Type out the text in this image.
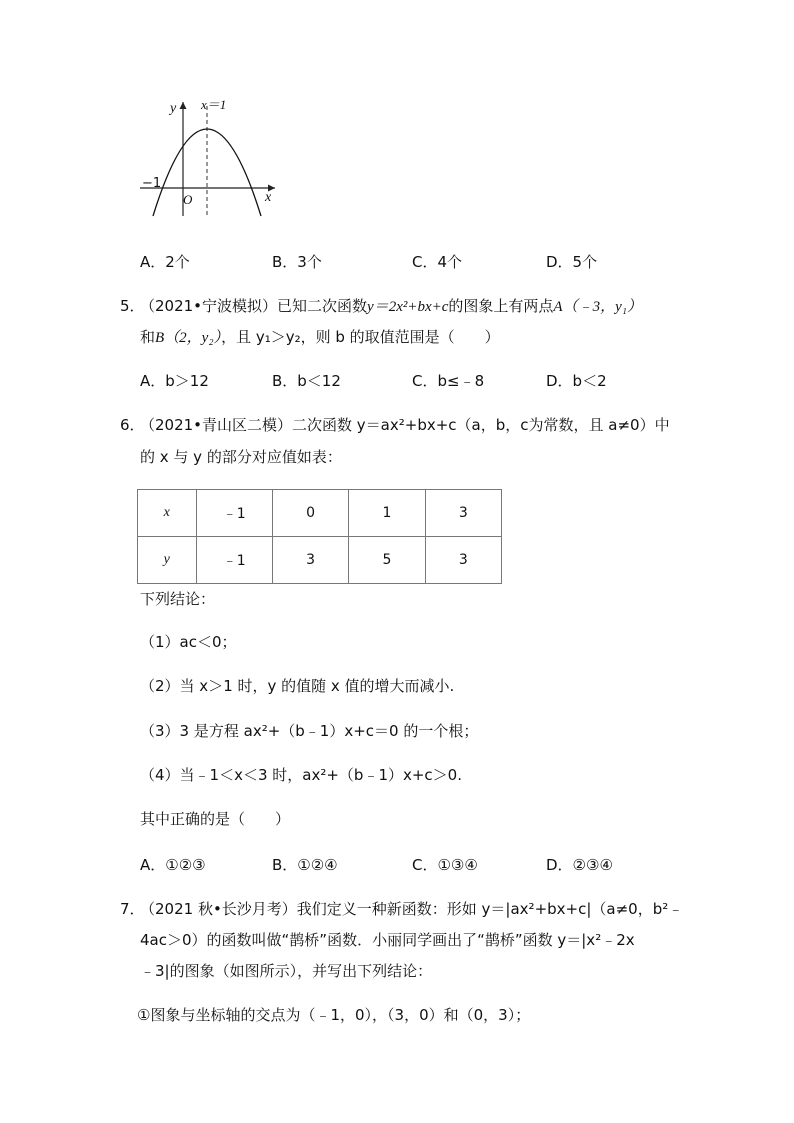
y x＝1
−1
O	x
A．2个	B．3个	C．4个	D．5个
5．
（2021•宁波模拟）已知二次函数y＝2x²+bx+c的图象上有两点A（﹣3，y₁）
和B（2，y₂），且 y₁＞y₂，则 b 的取值范围是（　　）
A．b＞12	B．b＜12	C．b≤﹣8	D．b＜2
6．
（2021•青山区二模）二次函数 y＝ax²+bx+c（a，b，c为常数，且 a≠0）中
的 x 与 y 的部分对应值如表：
x	﹣1	0	1	3
y	﹣1	3	5	3
下列结论：
（1）ac＜0；
（2）当 x＞1 时，y 的值随 x 值的增大而减小.
（3）3 是方程 ax²+（b﹣1）x+c＝0 的一个根；
（4）当﹣1＜x＜3 时，ax²+（b﹣1）x+c＞0.
其中正确的是（　　）
A．①②③	B．①②④	C．①③④	D．②③④
7．
（2021 秋•长沙月考）我们定义一种新函数：形如 y＝|ax²+bx+c|（a≠0，b²﹣
4ac＞0）的函数叫做“鹊桥”函数．小丽同学画出了“鹊桥”函数 y＝|x²﹣2x
﹣3|的图象（如图所示），并写出下列结论：
①图象与坐标轴的交点为（﹣1，0），（3，0）和（0，3）；
